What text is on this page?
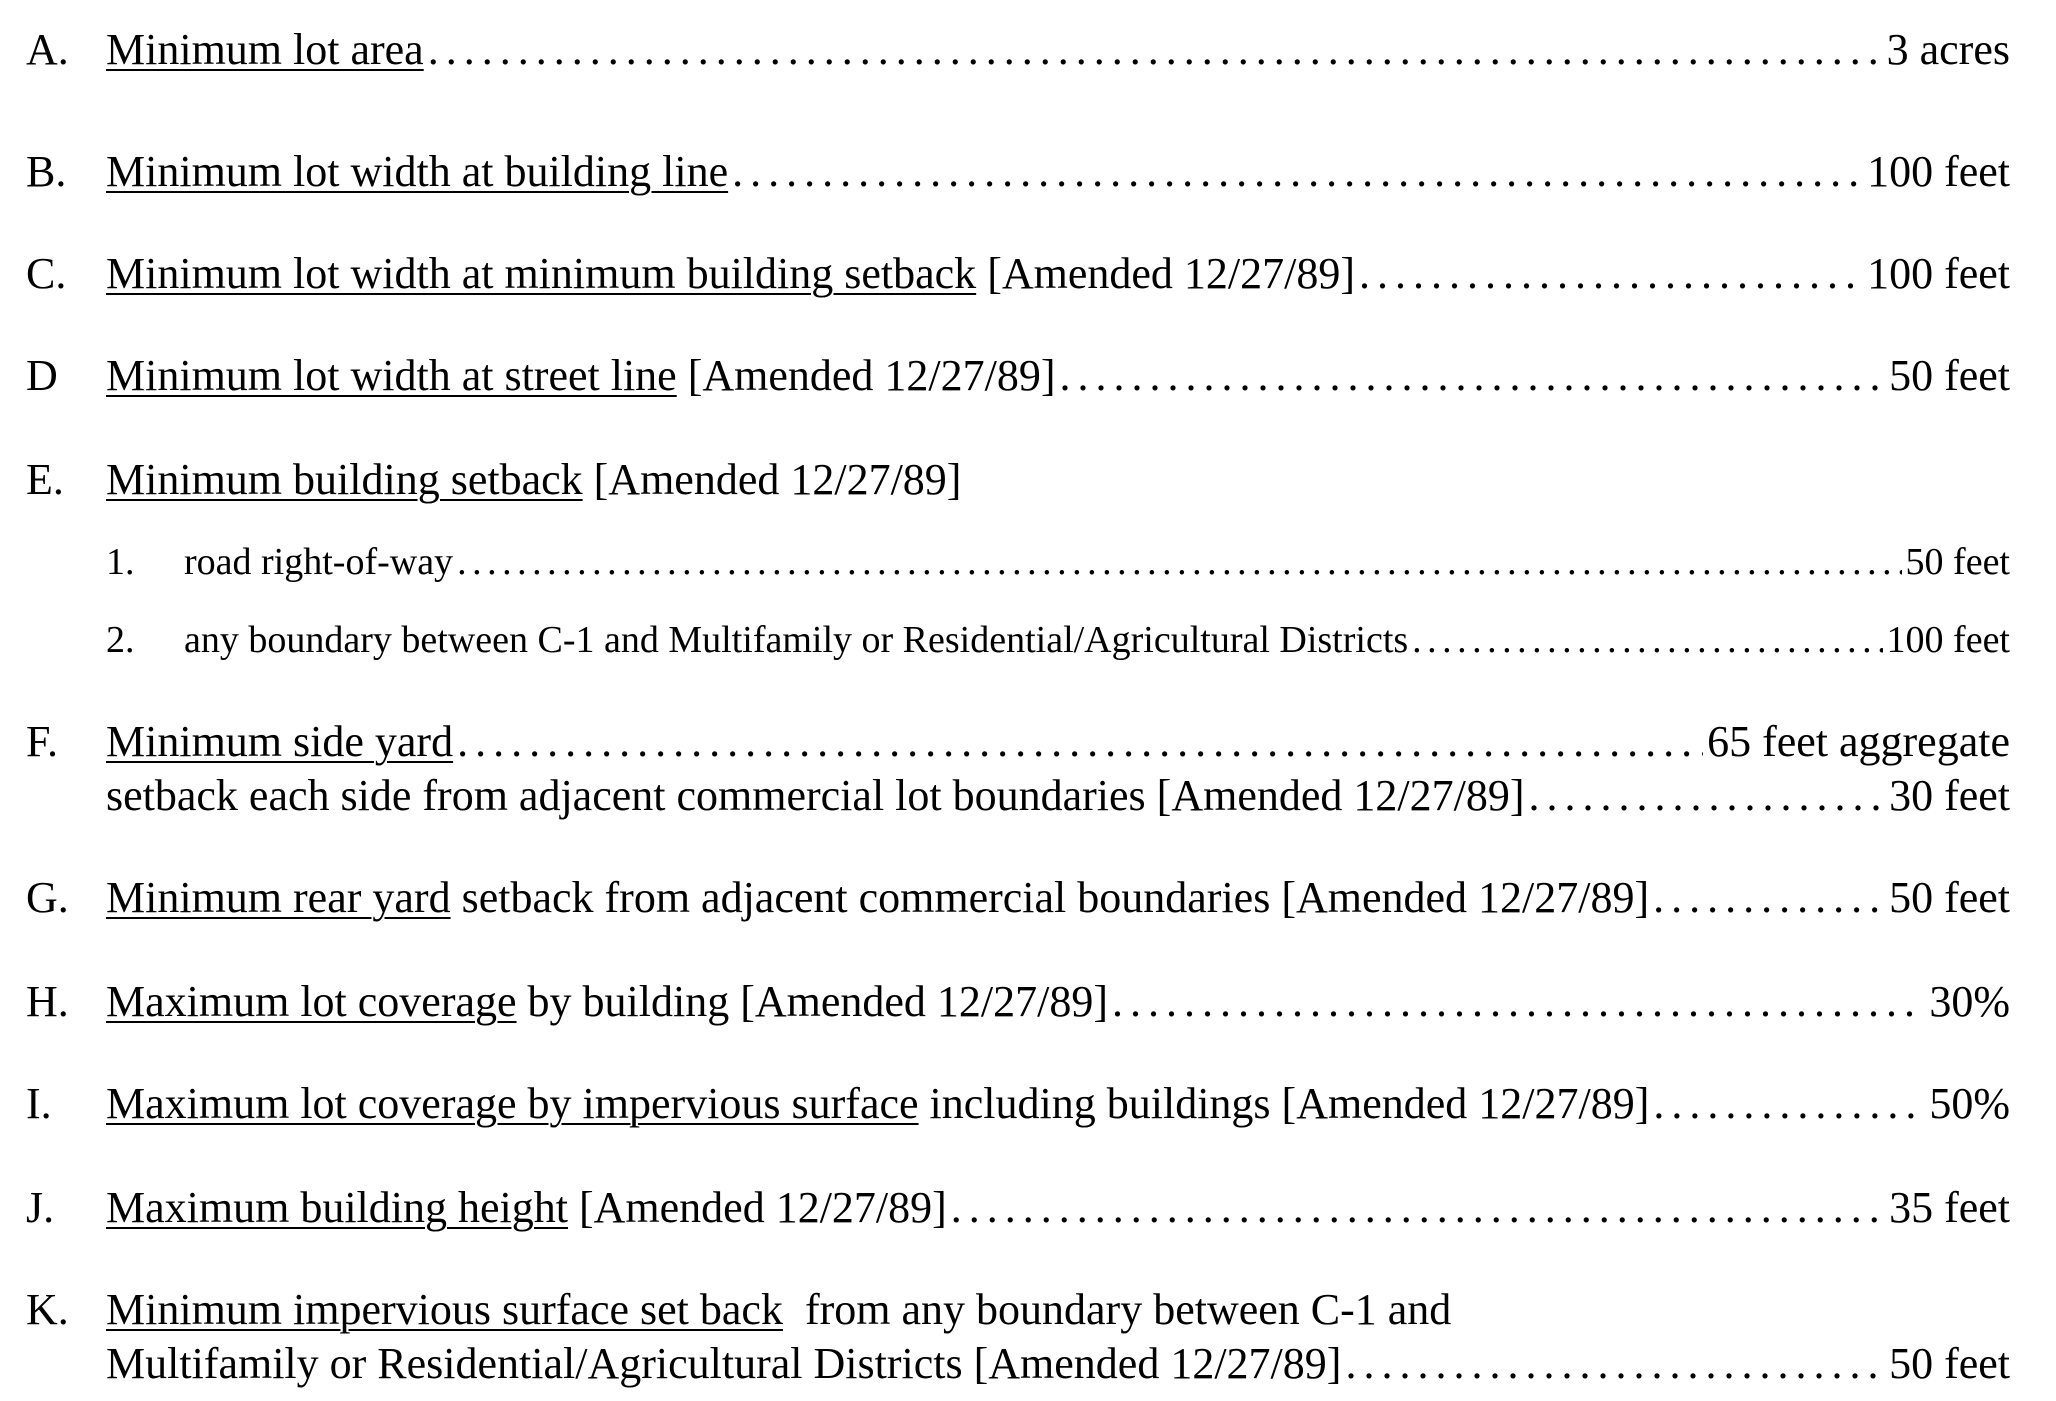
A. Minimum lot area . . .	3 acres
B. Minimum lot width at building line . . .	100 feet
C. Minimum lot width at minimum building setback [Amended 12/27/89] . . .	100 feet
D Minimum lot width at street line [Amended 12/27/89] . . .	50 feet
E. Minimum building setback [Amended 12/27/89]
1. road right-of-way . . .	50 feet
2. any boundary between C-1 and Multifamily or Residential/Agricultural Districts . . .	100 feet
F. Minimum side yard . . .	65 feet aggregate
setback each side from adjacent commercial lot boundaries [Amended 12/27/89] . . .	30 feet
G. Minimum rear yard setback from adjacent commercial boundaries [Amended 12/27/89] . . .	50 feet
H. Maximum lot coverage by building [Amended 12/27/89] . . .	30%
I. Maximum lot coverage by impervious surface including buildings [Amended 12/27/89] . . .	50%
J. Maximum building height [Amended 12/27/89] . . .	35 feet
K. Minimum impervious surface set back from any boundary between C-1 and
Multifamily or Residential/Agricultural Districts [Amended 12/27/89] . . .	50 feet
